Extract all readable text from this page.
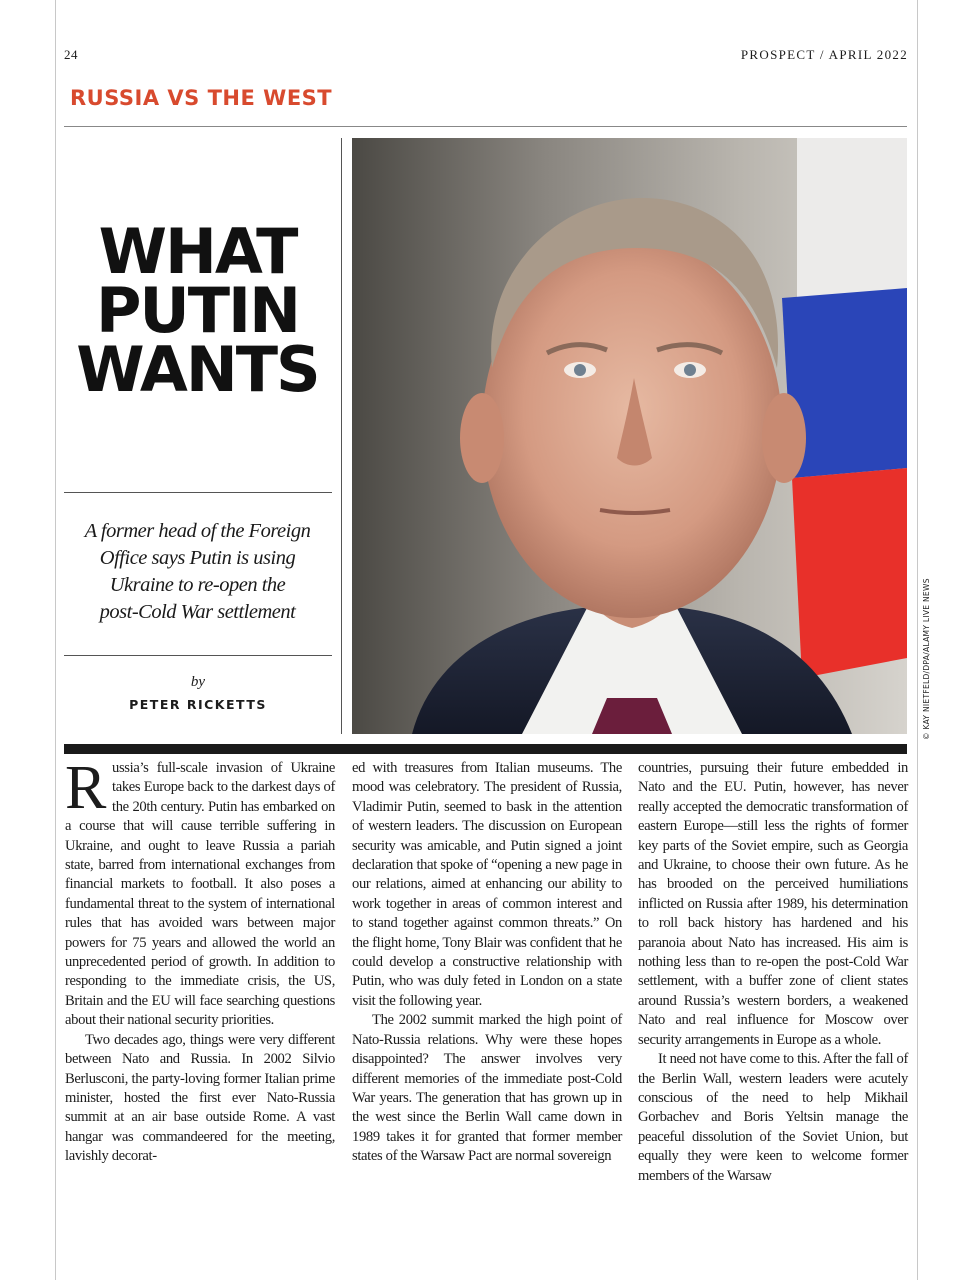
24	PROSPECT / APRIL 2022
RUSSIA VS THE WEST
WHAT
PUTIN
WANTS
A former head of the Foreign
Office says Putin is using
Ukraine to re-open the
post-Cold War settlement
by
PETER RICKETTS	© KAY NIETFELD/DPA/ALAMY LIVE NEWS

Russia’s full-scale invasion of Ukraine takes Europe back to the darkest days of the 20th century. Putin has embarked on a course that will cause terrible suffering in Ukraine, and ought to leave Russia a pariah state, barred from international exchanges from financial markets to football. It also poses a fundamental threat to the system of international rules that has avoided wars between major powers for 75 years and allowed the world an unprecedented period of growth. In addition to responding to the immediate crisis, the US, Britain and the EU will face searching questions about their national security priorities.

Two decades ago, things were very different between Nato and Russia. In 2002 Silvio Berlusconi, the party-loving former Italian prime minister, hosted the first ever Nato-Russia summit at an air base outside Rome. A vast hangar was commandeered for the meeting, lavishly decorat-

ed with treasures from Italian museums. The mood was celebratory. The president of Russia, Vladimir Putin, seemed to bask in the attention of western leaders. The discussion on European security was amicable, and Putin signed a joint declaration that spoke of “opening a new page in our relations, aimed at enhancing our ability to work together in areas of common interest and to stand together against common threats.” On the flight home, Tony Blair was confident that he could develop a constructive relationship with Putin, who was duly feted in London on a state visit the following year.

The 2002 summit marked the high point of Nato-Russia relations. Why were these hopes disappointed? The answer involves very different memories of the immediate post-Cold War years. The generation that has grown up in the west since the Berlin Wall came down in 1989 takes it for granted that former member states of the Warsaw Pact are normal sovereign

countries, pursuing their future embedded in Nato and the EU. Putin, however, has never really accepted the democratic transformation of eastern Europe—still less the rights of former key parts of the Soviet empire, such as Georgia and Ukraine, to choose their own future. As he has brooded on the perceived humiliations inflicted on Russia after 1989, his determination to roll back history has hardened and his paranoia about Nato has increased. His aim is nothing less than to re-open the post-Cold War settlement, with a buffer zone of client states around Russia’s western borders, a weakened Nato and real influence for Moscow over security arrangements in Europe as a whole.

It need not have come to this. After the fall of the Berlin Wall, western leaders were acutely conscious of the need to help Mikhail Gorbachev and Boris Yeltsin manage the peaceful dissolution of the Soviet Union, but equally they were keen to welcome former members of the Warsaw
